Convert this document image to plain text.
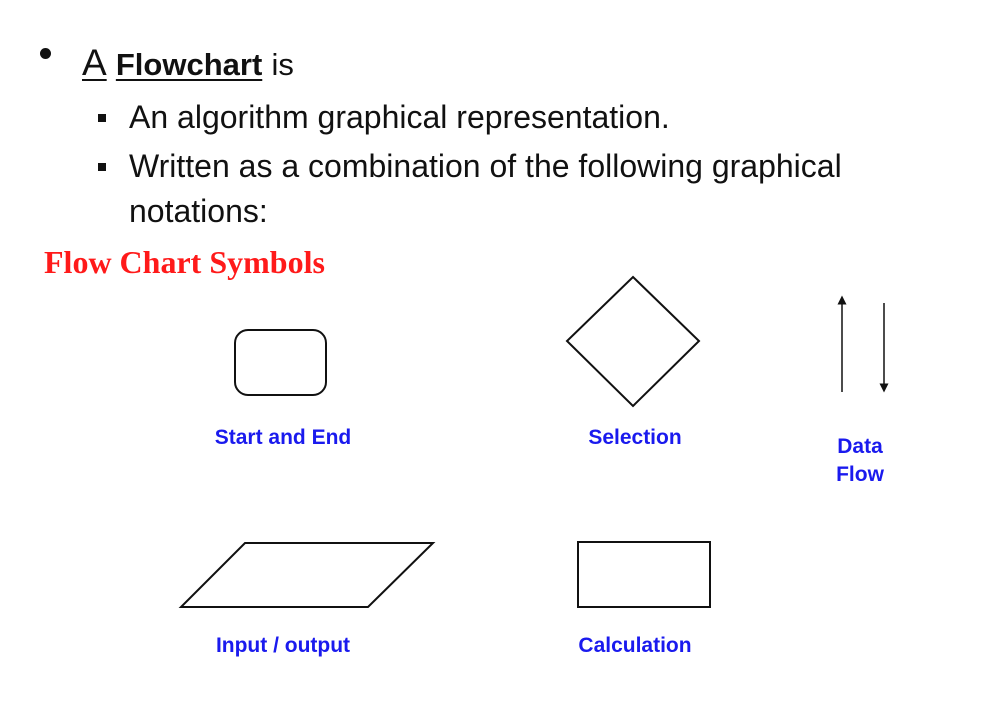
A Flowchart is
An algorithm graphical representation.
Written as a combination of the following graphical
notations:
Flow Chart Symbols
Start and End	Selection	Data
Flow
Input / output	Calculation
